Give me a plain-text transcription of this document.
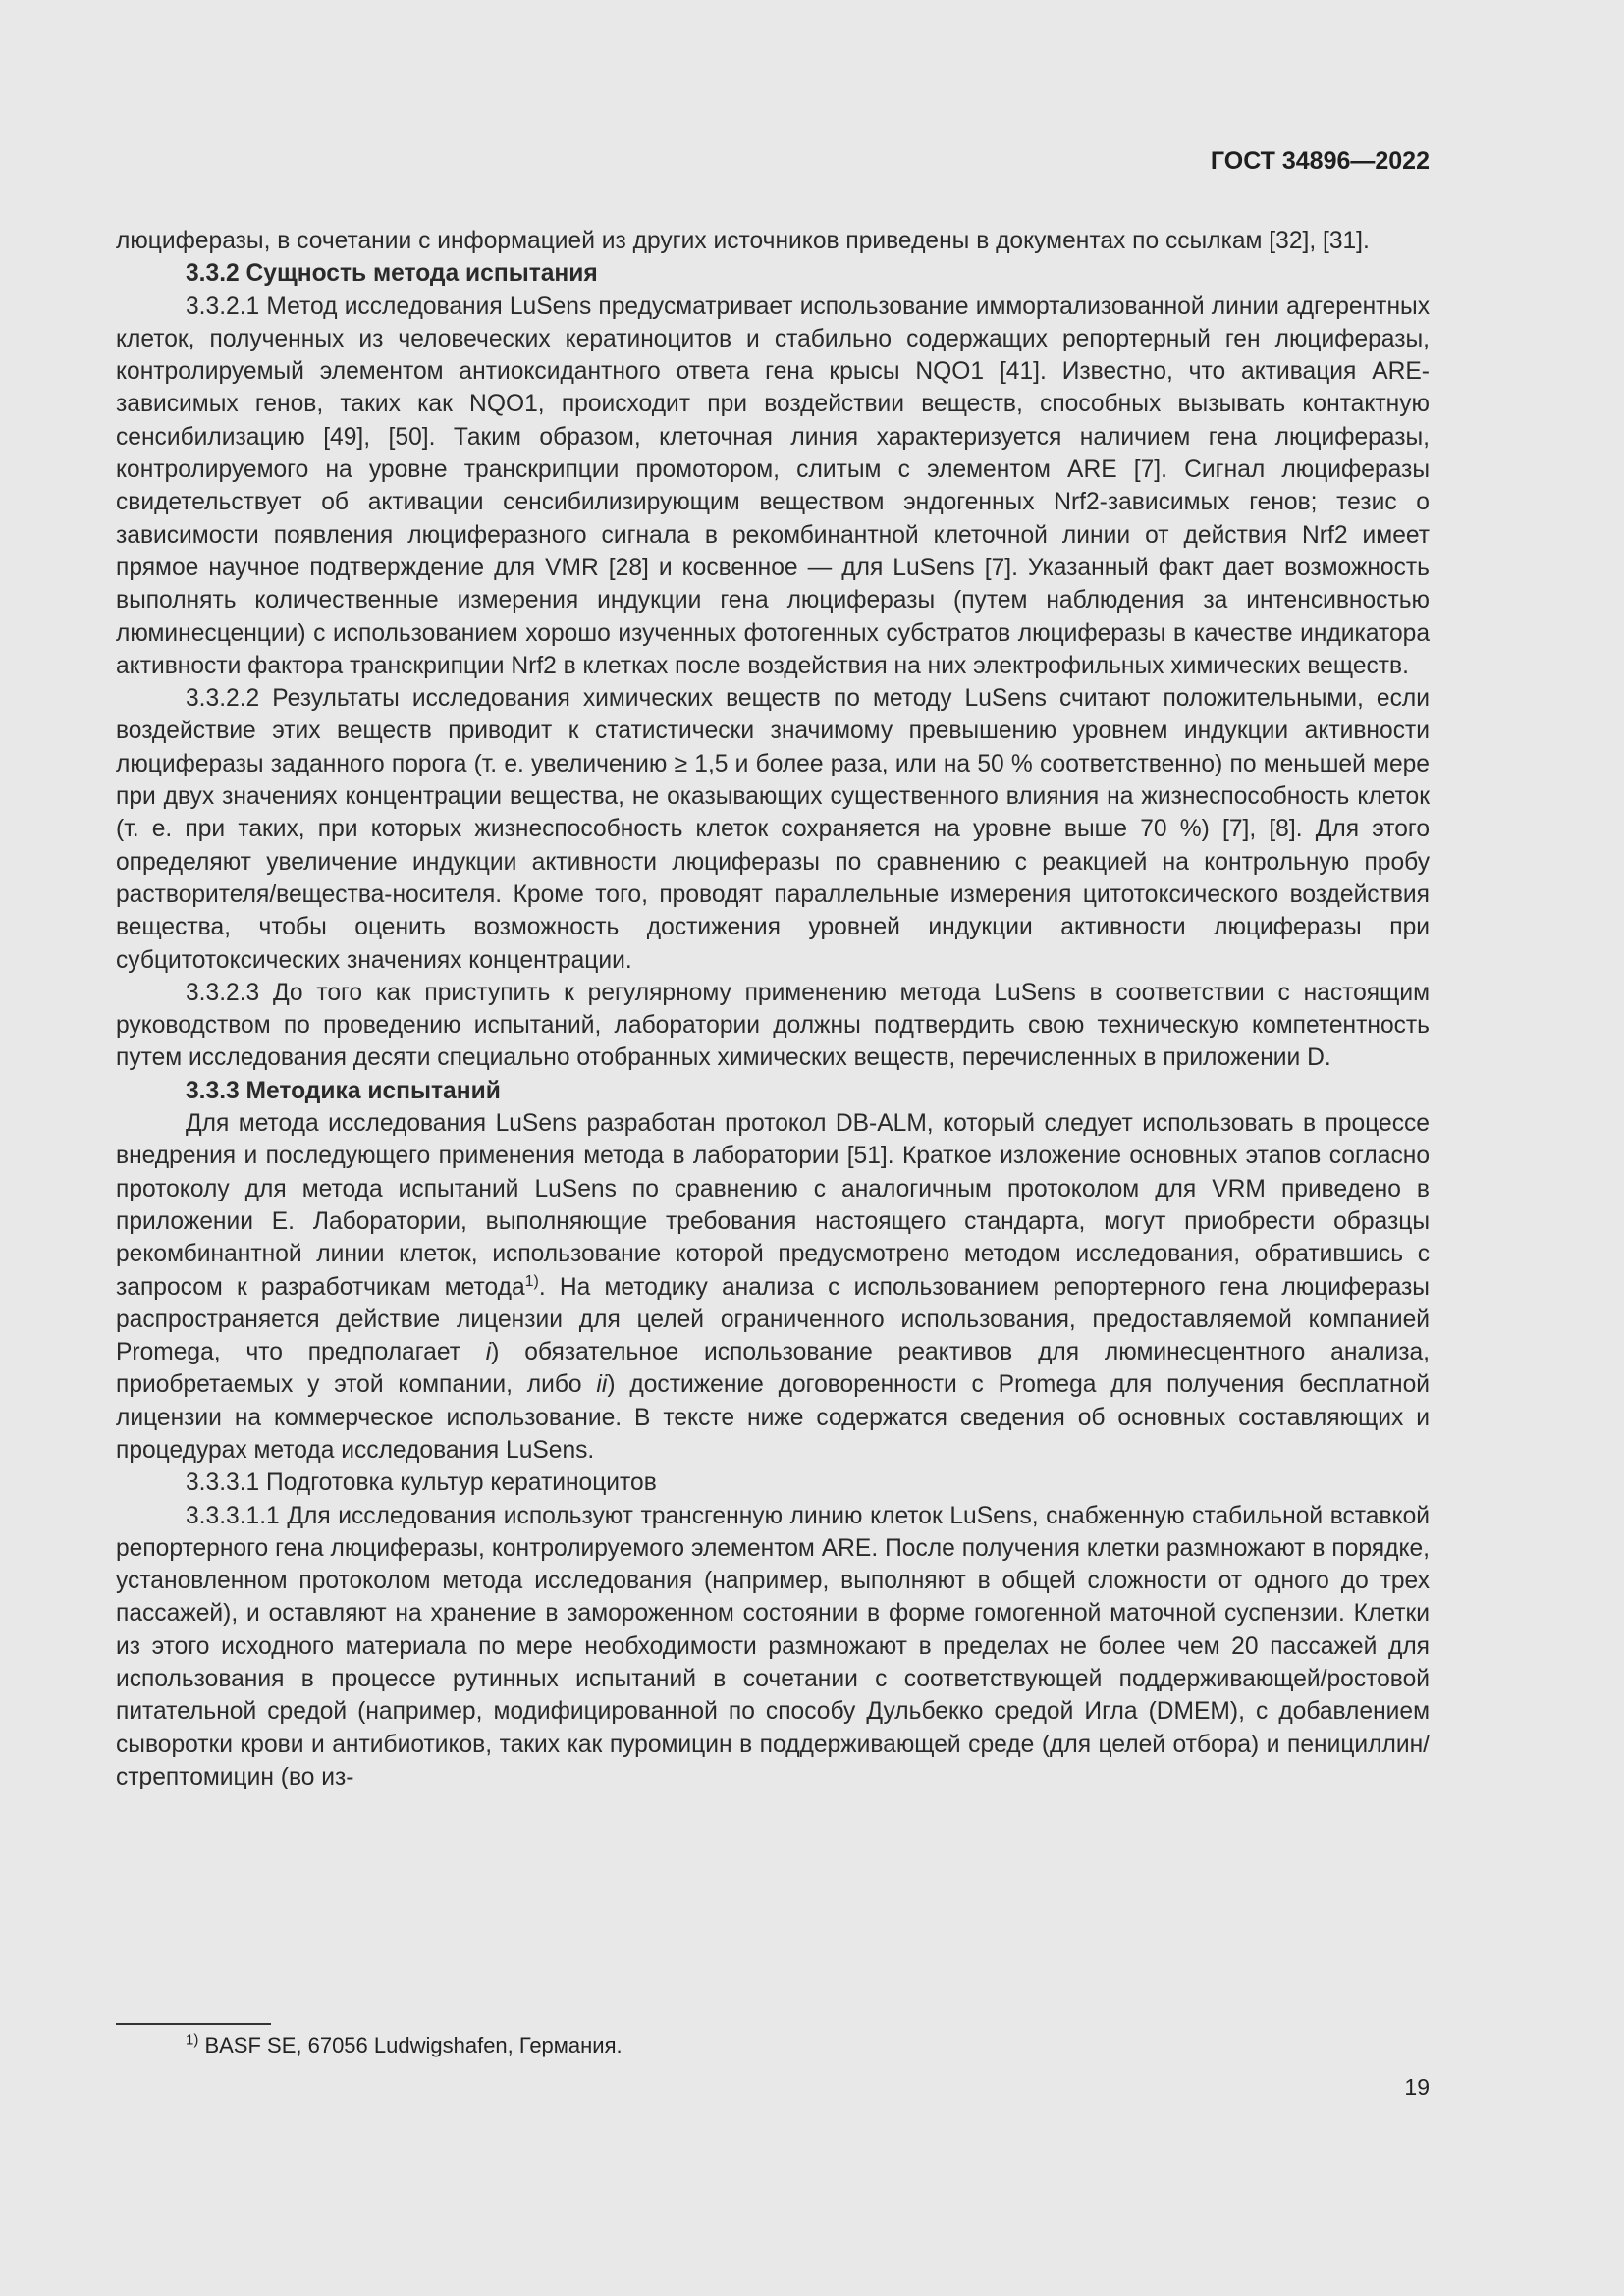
ГОСТ 34896—2022

люциферазы, в сочетании с информацией из других источников приведены в документах по ссылкам [32], [31].

3.3.2 Сущность метода испытания

3.3.2.1 Метод исследования LuSens предусматривает использование иммортализованной линии адгерентных клеток, полученных из человеческих кератиноцитов и стабильно содержащих репортерный ген люциферазы, контролируемый элементом антиоксидантного ответа гена крысы NQO1 [41]. Известно, что активация ARE-зависимых генов, таких как NQO1, происходит при воздействии веществ, способных вызывать контактную сенсибилизацию [49], [50]. Таким образом, клеточная линия характеризуется наличием гена люциферазы, контролируемого на уровне транскрипции промотором, слитым с элементом ARE [7]. Сигнал люциферазы свидетельствует об активации сенсибилизирующим веществом эндогенных Nrf2-зависимых генов; тезис о зависимости появления люциферазного сигнала в рекомбинантной клеточной линии от действия Nrf2 имеет прямое научное подтверждение для VMR [28] и косвенное — для LuSens [7]. Указанный факт дает возможность выполнять количественные измерения индукции гена люциферазы (путем наблюдения за интенсивностью люминесценции) с использованием хорошо изученных фотогенных субстратов люциферазы в качестве индикатора активности фактора транскрипции Nrf2 в клетках после воздействия на них электрофильных химических веществ.

3.3.2.2 Результаты исследования химических веществ по методу LuSens считают положительными, если воздействие этих веществ приводит к статистически значимому превышению уровнем индукции активности люциферазы заданного порога (т. е. увеличению ≥ 1,5 и более раза, или на 50 % соответственно) по меньшей мере при двух значениях концентрации вещества, не оказывающих существенного влияния на жизнеспособность клеток (т. е. при таких, при которых жизнеспособность клеток сохраняется на уровне выше 70 %) [7], [8]. Для этого определяют увеличение индукции активности люциферазы по сравнению с реакцией на контрольную пробу растворителя/вещества-носителя. Кроме того, проводят параллельные измерения цитотоксического воздействия вещества, чтобы оценить возможность достижения уровней индукции активности люциферазы при субцитотоксических значениях концентрации.

3.3.2.3 До того как приступить к регулярному применению метода LuSens в соответствии с настоящим руководством по проведению испытаний, лаборатории должны подтвердить свою техническую компетентность путем исследования десяти специально отобранных химических веществ, перечисленных в приложении D.

3.3.3 Методика испытаний

Для метода исследования LuSens разработан протокол DB-ALM, который следует использовать в процессе внедрения и последующего применения метода в лаборатории [51]. Краткое изложение основных этапов согласно протоколу для метода испытаний LuSens по сравнению с аналогичным протоколом для VRM приведено в приложении E. Лаборатории, выполняющие требования настоящего стандарта, могут приобрести образцы рекомбинантной линии клеток, использование которой предусмотрено методом исследования, обратившись с запросом к разработчикам метода$^{1)}$. На методику анализа с использованием репортерного гена люциферазы распространяется действие лицензии для целей ограниченного использования, предоставляемой компанией Promega, что предполагает i) обязательное использование реактивов для люминесцентного анализа, приобретаемых у этой компании, либо ii) достижение договоренности с Promega для получения бесплатной лицензии на коммерческое использование. В тексте ниже содержатся сведения об основных составляющих и процедурах метода исследования LuSens.

3.3.3.1 Подготовка культур кератиноцитов

3.3.3.1.1 Для исследования используют трансгенную линию клеток LuSens, снабженную стабильной вставкой репортерного гена люциферазы, контролируемого элементом ARE. После получения клетки размножают в порядке, установленном протоколом метода исследования (например, выполняют в общей сложности от одного до трех пассажей), и оставляют на хранение в замороженном состоянии в форме гомогенной маточной суспензии. Клетки из этого исходного материала по мере необходимости размножают в пределах не более чем 20 пассажей для использования в процессе рутинных испытаний в сочетании с соответствующей поддерживающей/ростовой питательной средой (например, модифицированной по способу Дульбекко средой Игла (DMEM), с добавлением сыворотки крови и антибиотиков, таких как пуромицин в поддерживающей среде (для целей отбора) и пенициллин/стрептомицин (во из-

$^{1)}$ BASF SE, 67056 Ludwigshafen, Германия.
19
